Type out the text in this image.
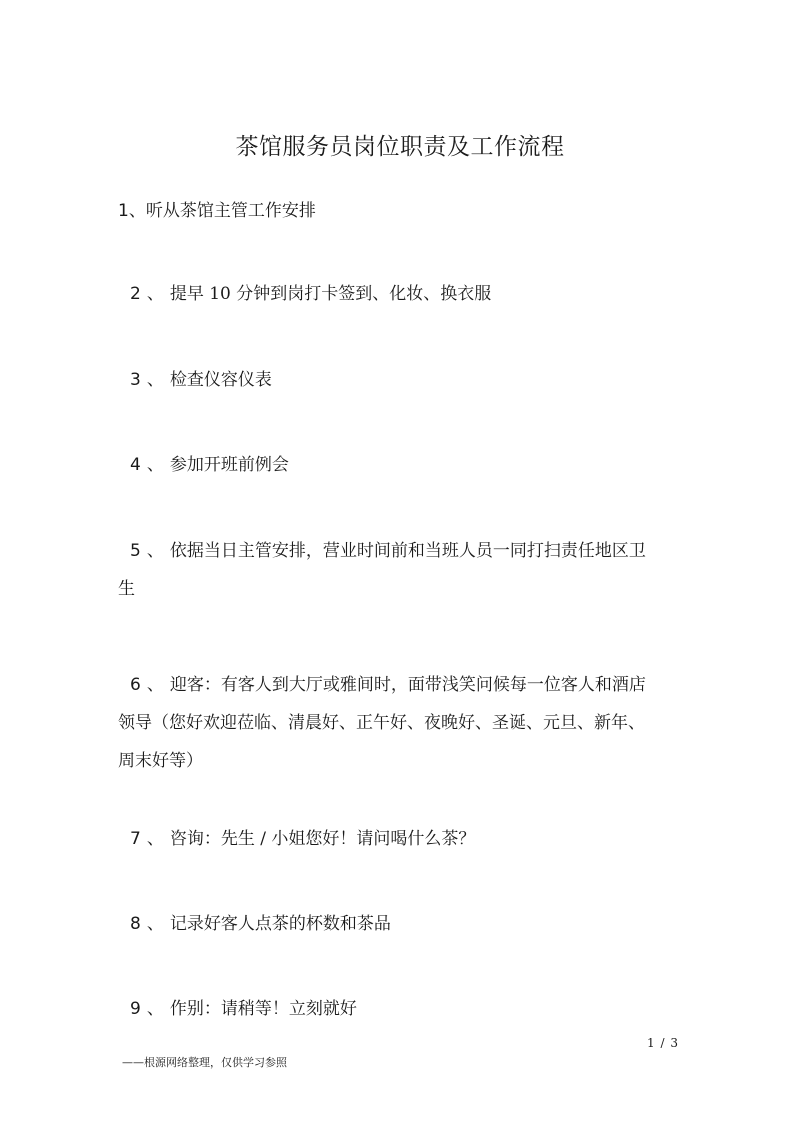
茶馆服务员岗位职责及工作流程
1、听从茶馆主管工作安排
2 、 提早 10 分钟到岗打卡签到、化妆、换衣服
3 、 检查仪容仪表
4 、 参加开班前例会
5 、 依据当日主管安排，营业时间前和当班人员一同打扫责任地区卫生
6 、 迎客：有客人到大厅或雅间时，面带浅笑问候每一位客人和酒店领导（您好欢迎莅临、清晨好、正午好、夜晚好、圣诞、元旦、新年、周末好等）
7 、 咨询：先生 / 小姐您好！请问喝什么茶？
8 、 记录好客人点茶的杯数和茶品
9 、 作别：请稍等！立刻就好
1 / 3
——根源网络整理，仅供学习参照
